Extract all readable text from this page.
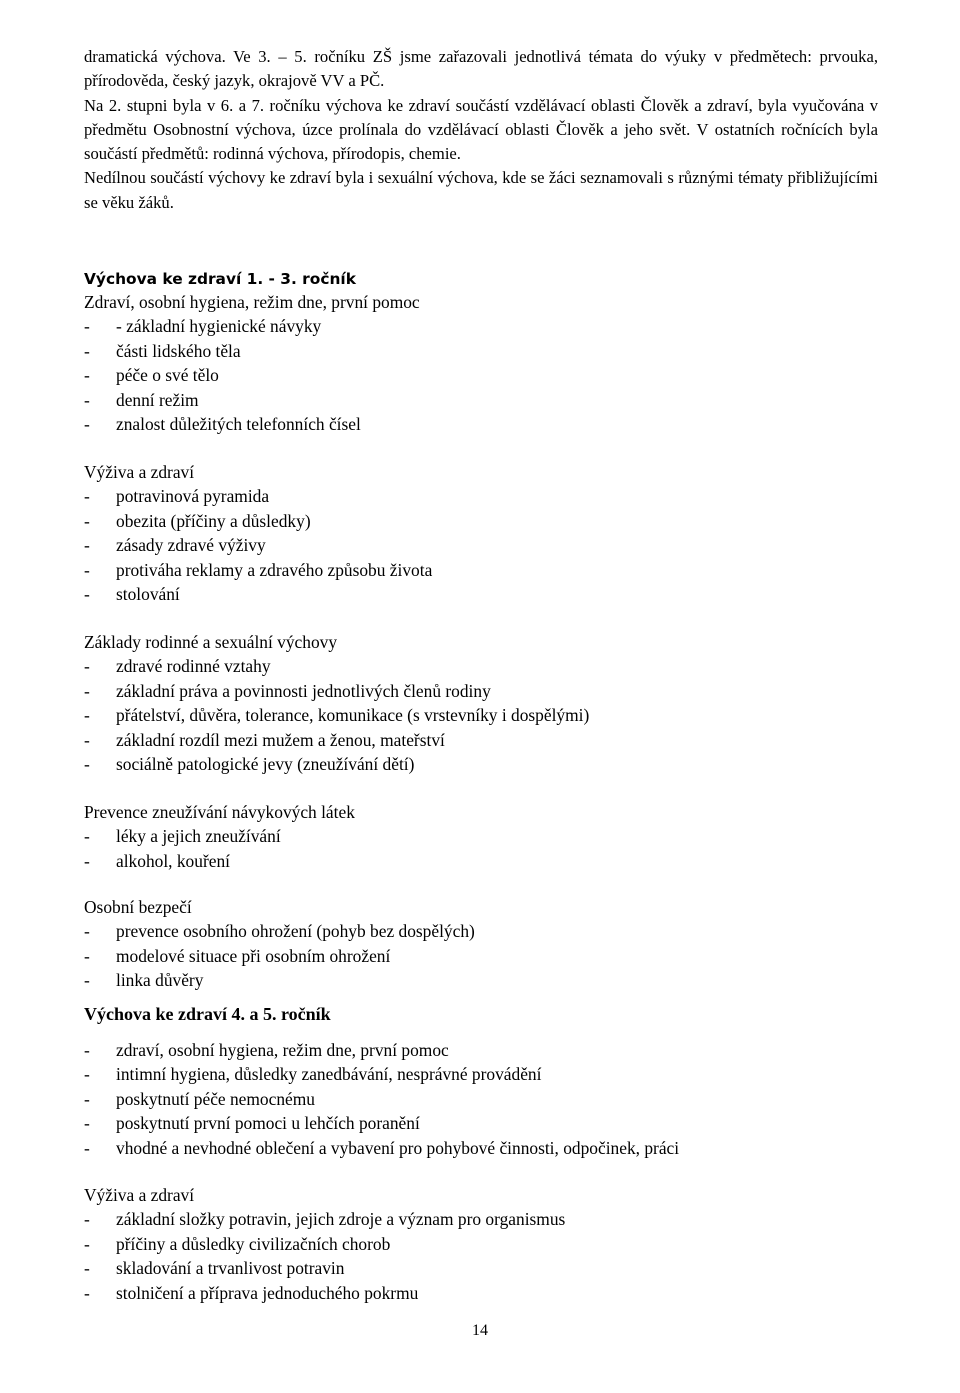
dramatická výchova. Ve 3. – 5. ročníku ZŠ jsme zařazovali jednotlivá témata do výuky v předmětech: prvouka, přírodověda, český jazyk, okrajově VV a PČ.

Na 2. stupni byla v 6. a 7. ročníku výchova ke zdraví součástí vzdělávací oblasti Člověk a zdraví, byla vyučována v předmětu Osobnostní výchova, úzce prolínala do vzdělávací oblasti Člověk a jeho svět. V ostatních ročnících byla součástí předmětů: rodinná výchova, přírodopis, chemie.

Nedílnou součástí výchovy ke zdraví byla i sexuální výchova, kde se žáci seznamovali s různými tématy přibližujícími se věku žáků.

Výchova ke zdraví 1. - 3. ročník
Zdraví, osobní hygiena, režim dne, první pomoc
- - základní hygienické návyky
- části lidského těla
- péče o své tělo
- denní režim
- znalost důležitých telefonních čísel
Výživa a zdraví
- potravinová pyramida
- obezita (příčiny a důsledky)
- zásady zdravé výživy
- protiváha reklamy a zdravého způsobu života
- stolování
Základy rodinné a sexuální výchovy
- zdravé rodinné vztahy
- základní práva a povinnosti jednotlivých členů rodiny
- přátelství, důvěra, tolerance, komunikace (s vrstevníky i dospělými)
- základní rozdíl mezi mužem a ženou, mateřství
- sociálně patologické jevy (zneužívání dětí)
Prevence zneužívání návykových látek
- léky a jejich zneužívání
- alkohol, kouření
Osobní bezpečí
- prevence osobního ohrožení (pohyb bez dospělých)
- modelové situace při osobním ohrožení
- linka důvěry
Výchova ke zdraví 4. a 5. ročník
- zdraví, osobní hygiena, režim dne, první pomoc
- intimní hygiena, důsledky zanedbávání, nesprávné provádění
- poskytnutí péče nemocnému
- poskytnutí první pomoci u lehčích poranění
- vhodné a nevhodné oblečení a vybavení pro pohybové činnosti, odpočinek, práci
Výživa a zdraví
- základní složky potravin, jejich zdroje a význam pro organismus
- příčiny a důsledky civilizačních chorob
- skladování a trvanlivost potravin
- stolničení a příprava jednoduchého pokrmu
14
